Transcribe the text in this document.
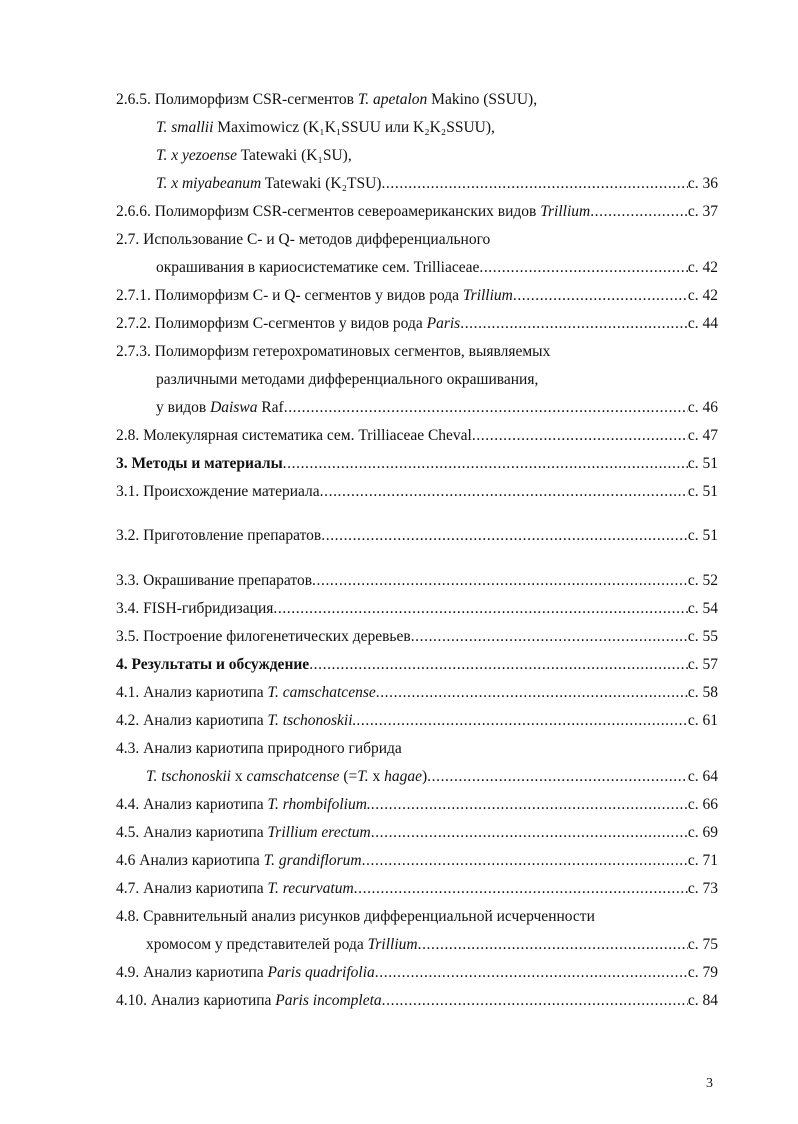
2.6.5. Полиморфизм CSR-сегментов T. apetalon Makino (SSUU),
T. smallii Maximowicz (K₁K₁SSUU или K₂K₂SSUU),
T. x yezoense Tatewaki (K₁SU),
T. x miyabeanum Tatewaki (K₂TSU) .....	с. 36
2.6.6. Полиморфизм CSR-сегментов североамериканских видов Trillium .....	с. 37
2.7. Использование С- и Q- методов дифференциального
окрашивания в кариосистематике сем. Trilliaceae .....	с. 42
2.7.1. Полиморфизм С- и Q- сегментов у видов рода Trillium .....	с. 42
2.7.2. Полиморфизм С-сегментов у видов рода Paris .....	с. 44
2.7.3. Полиморфизм гетерохроматиновых сегментов, выявляемых
различными методами дифференциального окрашивания,
у видов Daiswa Raf .....	с. 46
2.8. Молекулярная систематика сем. Trilliaceae Cheval .....	с. 47
3. Методы и материалы .....	с. 51
3.1. Происхождение материала .....	с. 51
3.2. Приготовление препаратов .....	с. 51
3.3. Окрашивание препаратов .....	с. 52
3.4. FISH-гибридизация .....	с. 54
3.5. Построение филогенетических деревьев .....	с. 55
4. Результаты и обсуждение .....	с. 57
4.1. Анализ кариотипа T. camschatcense .....	с. 58
4.2. Анализ кариотипа T. tschonoskii. .....	с. 61
4.3. Анализ кариотипа природного гибрида
T. tschonoskii x camschatcense (=T. x hagae) .....	с. 64
4.4. Анализ кариотипа T. rhombifolium. .....	с. 66
4.5. Анализ кариотипа Trillium erectum .....	с. 69
4.6 Анализ кариотипа T. grandiflorum .....	с. 71
4.7. Анализ кариотипа T. recurvatum .....	с. 73
4.8. Сравнительный анализ рисунков дифференциальной исчерченности
хромосом у представителей рода Trillium .....	с. 75
4.9. Анализ кариотипа Paris quadrifolia .....	с. 79
4.10. Анализ кариотипа Paris incompleta .....	с. 84
3
